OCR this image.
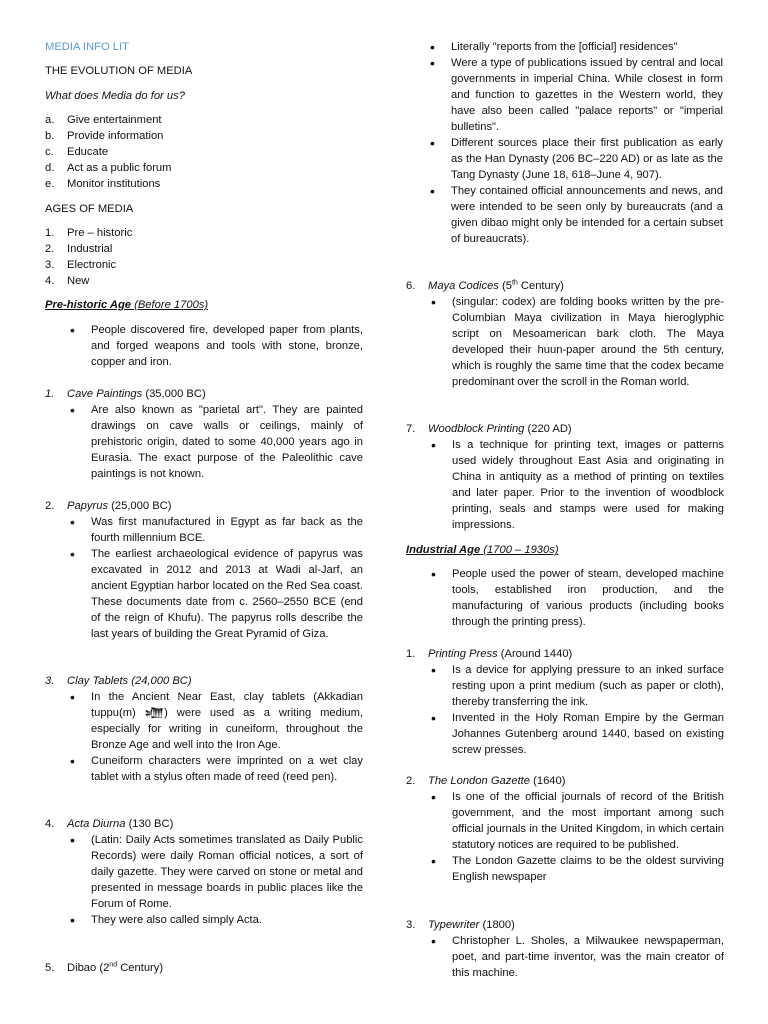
MEDIA INFO LIT

THE EVOLUTION OF MEDIA

What does Media do for us?

a. Give entertainment
b. Provide information
c. Educate
d. Act as a public forum
e. Monitor institutions

AGES OF MEDIA

1. Pre – historic
2. Industrial
3. Electronic
4. New

Pre-historic Age (Before 1700s)

• People discovered fire, developed paper from plants, and forged weapons and tools with stone, bronze, copper and iron.

1. Cave Paintings (35,000 BC)

• Are also known as "parietal art". They are painted drawings on cave walls or ceilings, mainly of prehistoric origin, dated to some 40,000 years ago in Eurasia. The exact purpose of the Paleolithic cave paintings is not known.

2. Papyrus (25,000 BC)

• Was first manufactured in Egypt as far back as the fourth millennium BCE.
• The earliest archaeological evidence of papyrus was excavated in 2012 and 2013 at Wadi al-Jarf, an ancient Egyptian harbor located on the Red Sea coast. These documents date from c. 2560–2550 BCE (end of the reign of Khufu). The papyrus rolls describe the last years of building the Great Pyramid of Giza.

3. Clay Tablets (24,000 BC)

• In the Ancient Near East, clay tablets (Akkadian ṭuppu(m) 𒁾) were used as a writing medium, especially for writing in cuneiform, throughout the Bronze Age and well into the Iron Age.
• Cuneiform characters were imprinted on a wet clay tablet with a stylus often made of reed (reed pen).

4. Acta Diurna (130 BC)

• (Latin: Daily Acts sometimes translated as Daily Public Records) were daily Roman official notices, a sort of daily gazette. They were carved on stone or metal and presented in message boards in public places like the Forum of Rome.
• They were also called simply Acta.

5. Dibao (2nd Century)

• Literally "reports from the [official] residences"
• Were a type of publications issued by central and local governments in imperial China. While closest in form and function to gazettes in the Western world, they have also been called "palace reports" or "imperial bulletins".
• Different sources place their first publication as early as the Han Dynasty (206 BC–220 AD) or as late as the Tang Dynasty (June 18, 618–June 4, 907).
• They contained official announcements and news, and were intended to be seen only by bureaucrats (and a given dibao might only be intended for a certain subset of bureaucrats).

6. Maya Codices (5th Century)

• (singular: codex) are folding books written by the pre-Columbian Maya civilization in Maya hieroglyphic script on Mesoamerican bark cloth. The Maya developed their huun-paper around the 5th century, which is roughly the same time that the codex became predominant over the scroll in the Roman world.

7. Woodblock Printing (220 AD)

• Is a technique for printing text, images or patterns used widely throughout East Asia and originating in China in antiquity as a method of printing on textiles and later paper. Prior to the invention of woodblock printing, seals and stamps were used for making impressions.

Industrial Age (1700 – 1930s)

• People used the power of steam, developed machine tools, established iron production, and the manufacturing of various products (including books through the printing press).

1. Printing Press (Around 1440)

• Is a device for applying pressure to an inked surface resting upon a print medium (such as paper or cloth), thereby transferring the ink.
• Invented in the Holy Roman Empire by the German Johannes Gutenberg around 1440, based on existing screw presses.

2. The London Gazette (1640)

• Is one of the official journals of record of the British government, and the most important among such official journals in the United Kingdom, in which certain statutory notices are required to be published.
• The London Gazette claims to be the oldest surviving English newspaper

3. Typewriter (1800)

• Christopher L. Sholes, a Milwaukee newspaperman, poet, and part-time inventor, was the main creator of this machine.
